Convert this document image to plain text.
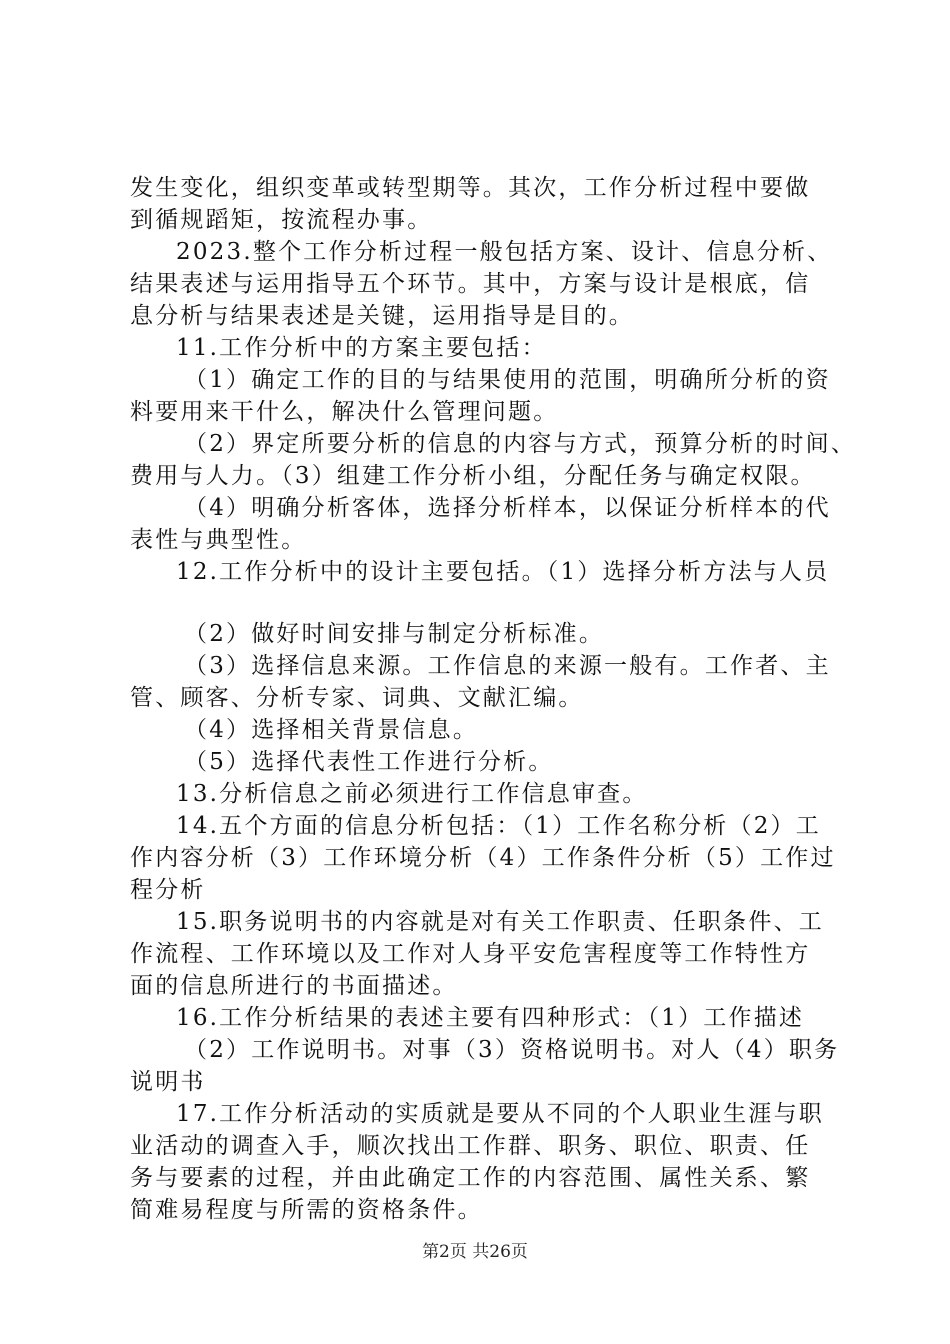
发生变化，组织变革或转型期等。其次，工作分析过程中要做
到循规蹈矩，按流程办事。
2023.整个工作分析过程一般包括方案、设计、信息分析、
结果表述与运用指导五个环节。其中，方案与设计是根底，信
息分析与结果表述是关键，运用指导是目的。
11.工作分析中的方案主要包括：
（1）确定工作的目的与结果使用的范围，明确所分析的资
料要用来干什么，解决什么管理问题。
（2）界定所要分析的信息的内容与方式，预算分析的时间、
费用与人力。（3）组建工作分析小组，分配任务与确定权限。
（4）明确分析客体，选择分析样本，以保证分析样本的代
表性与典型性。
12.工作分析中的设计主要包括。（1）选择分析方法与人员
（2）做好时间安排与制定分析标准。
（3）选择信息来源。工作信息的来源一般有。工作者、主
管、顾客、分析专家、词典、文献汇编。
（4）选择相关背景信息。
（5）选择代表性工作进行分析。
13.分析信息之前必须进行工作信息审查。
14.五个方面的信息分析包括：（1）工作名称分析（2）工
作内容分析（3）工作环境分析（4）工作条件分析（5）工作过
程分析
15.职务说明书的内容就是对有关工作职责、任职条件、工
作流程、工作环境以及工作对人身平安危害程度等工作特性方
面的信息所进行的书面描述。
16.工作分析结果的表述主要有四种形式：（1）工作描述
（2）工作说明书。对事（3）资格说明书。对人（4）职务
说明书
17.工作分析活动的实质就是要从不同的个人职业生涯与职
业活动的调查入手，顺次找出工作群、职务、职位、职责、任
务与要素的过程，并由此确定工作的内容范围、属性关系、繁
简难易程度与所需的资格条件。
第2页 共26页
